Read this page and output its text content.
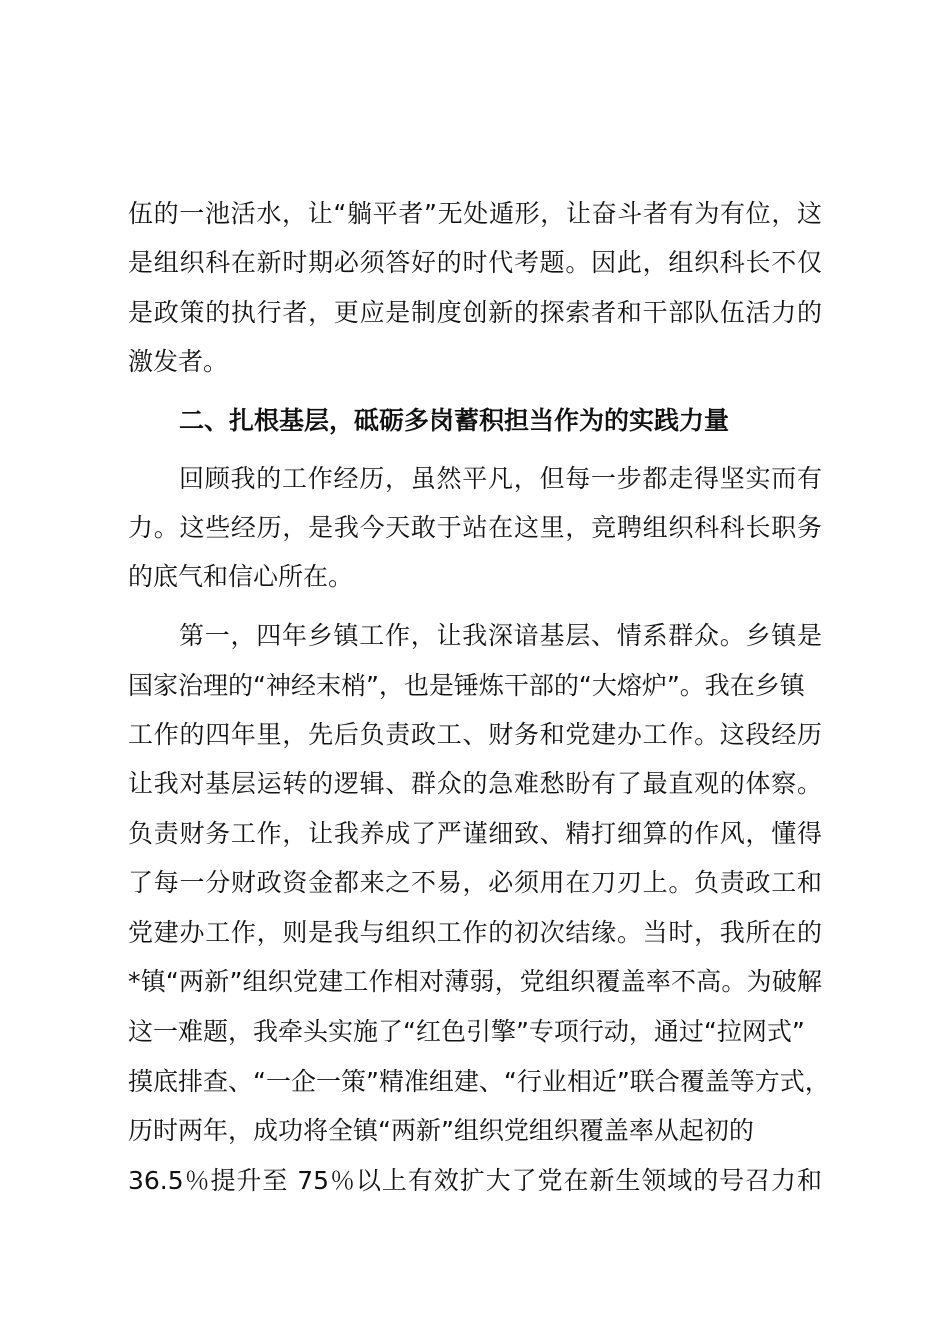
伍的一池活水，让“躺平者”无处遁形，让奋斗者有为有位，这
是组织科在新时期必须答好的时代考题。因此，组织科长不仅
是政策的执行者，更应是制度创新的探索者和干部队伍活力的
激发者。
二、扎根基层，砥砺多岗蓄积担当作为的实践力量
回顾我的工作经历，虽然平凡，但每一步都走得坚实而有
力。这些经历，是我今天敢于站在这里，竞聘组织科科长职务
的底气和信心所在。
第一，四年乡镇工作，让我深谙基层、情系群众。乡镇是
国家治理的“神经末梢”，也是锤炼干部的“大熔炉”。我在乡镇
工作的四年里，先后负责政工、财务和党建办工作。这段经历
让我对基层运转的逻辑、群众的急难愁盼有了最直观的体察。
负责财务工作，让我养成了严谨细致、精打细算的作风，懂得
了每一分财政资金都来之不易，必须用在刀刃上。负责政工和
党建办工作，则是我与组织工作的初次结缘。当时，我所在的
*镇“两新”组织党建工作相对薄弱，党组织覆盖率不高。为破解
这一难题，我牵头实施了“红色引擎”专项行动，通过“拉网式”
摸底排查、“一企一策”精准组建、“行业相近”联合覆盖等方式，
历时两年，成功将全镇“两新”组织党组织覆盖率从起初的
36.5％提升至 75％以上有效扩大了党在新生领域的号召力和
